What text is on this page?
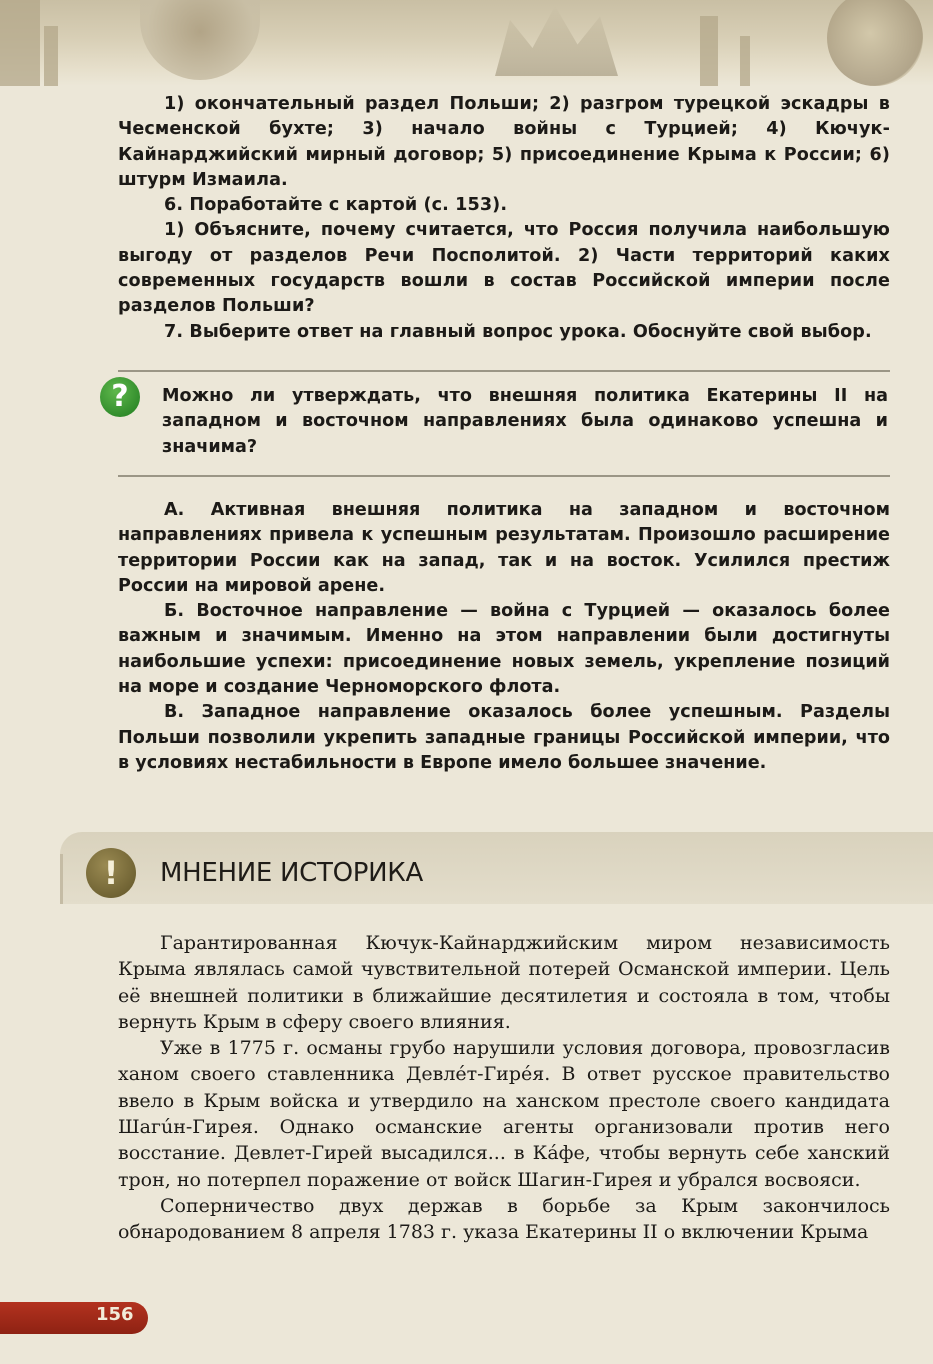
1) окончательный раздел Польши; 2) разгром турецкой эскадры в Чесменской бухте; 3) начало войны с Турцией; 4) Кючук-Кайнарджийский мирный договор; 5) присоединение Крыма к России; 6) штурм Измаила.

6. Поработайте с картой (с. 153).

1) Объясните, почему считается, что Россия получила наибольшую выгоду от разделов Речи Посполитой. 2) Части территорий каких современных государств вошли в состав Российской империи после разделов Польши?

7. Выберите ответ на главный вопрос урока. Обоснуйте свой выбор.

?	Можно ли утверждать, что внешняя политика Екатерины II на западном и восточном направлениях была одинаково успешна и значима?

А. Активная внешняя политика на западном и восточном направлениях привела к успешным результатам. Произошло расширение территории России как на запад, так и на восток. Усилился престиж России на мировой арене.

Б. Восточное направление — война с Турцией — оказалось более важным и значимым. Именно на этом направлении были достигнуты наибольшие успехи: присоединение новых земель, укрепление позиций на море и создание Черноморского флота.

В. Западное направление оказалось более успешным. Разделы Польши позволили укрепить западные границы Российской империи, что в условиях нестабильности в Европе имело большее значение.

!	МНЕНИЕ ИСТОРИКА

Гарантированная Кючук-Кайнарджийским миром независимость Крыма являлась самой чувствительной потерей Османской империи. Цель её внешней политики в ближайшие десятилетия и состояла в том, чтобы вернуть Крым в сферу своего влияния.

Уже в 1775 г. османы грубо нарушили условия договора, провозгласив ханом своего ставленника Девлéт-Гирéя. В ответ русское правительство ввело в Крым войска и утвердило на ханском престоле своего кандидата Шагúн-Гирея. Однако османские агенты организовали против него восстание. Девлет-Гирей высадился... в Кáфе, чтобы вернуть себе ханский трон, но потерпел поражение от войск Шагин-Гирея и убрался восвояси.

Соперничество двух держав в борьбе за Крым закончилось обнародованием 8 апреля 1783 г. указа Екатерины II о включении Крыма

156
